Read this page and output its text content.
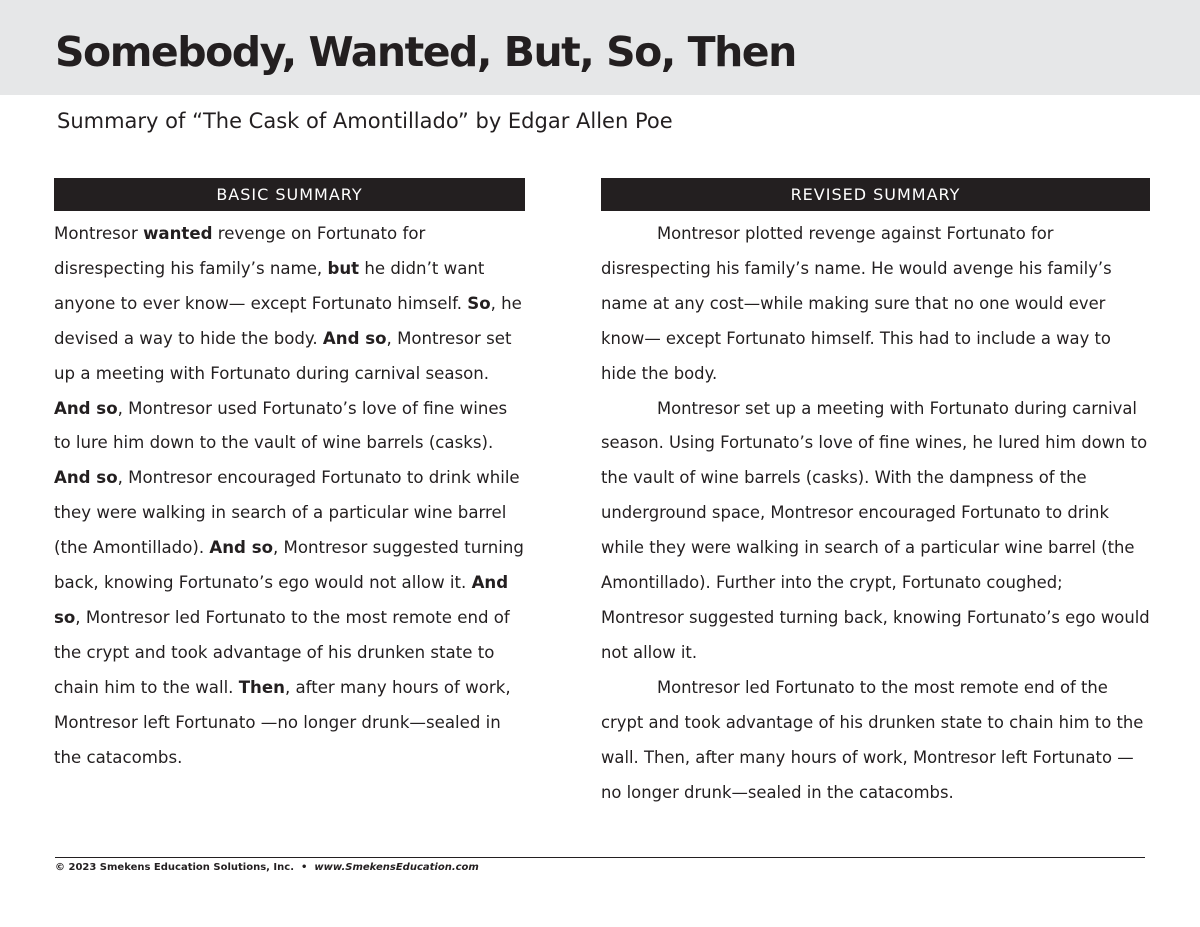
Somebody, Wanted, But, So, Then

Summary of “The Cask of Amontillado” by Edgar Allen Poe

BASIC SUMMARY
Montresor wanted revenge on Fortunato for disrespecting his family’s name, but he didn’t want anyone to ever know— except Fortunato himself. So, he devised a way to hide the body. And so, Montresor set up a meeting with Fortunato during carnival season. And so, Montresor used Fortunato’s love of fine wines to lure him down to the vault of wine barrels (casks). And so, Montresor encouraged Fortunato to drink while they were walking in search of a particular wine barrel (the Amontillado). And so, Montresor suggested turning back, knowing Fortunato’s ego would not allow it. And so, Montresor led Fortunato to the most remote end of the crypt and took advantage of his drunken state to chain him to the wall. Then, after many hours of work, Montresor left Fortunato —no longer drunk—sealed in the catacombs.
REVISED SUMMARY

Montresor plotted revenge against Fortunato for disrespecting his family’s name. He would avenge his family’s name at any cost—while making sure that no one would ever know— except Fortunato himself. This had to include a way to hide the body.

Montresor set up a meeting with Fortunato during carnival season. Using Fortunato’s love of fine wines, he lured him down to the vault of wine barrels (casks). With the dampness of the underground space, Montresor encouraged Fortunato to drink while they were walking in search of a particular wine barrel (the Amontillado). Further into the crypt, Fortunato coughed; Montresor suggested turning back, knowing Fortunato’s ego would not allow it.

Montresor led Fortunato to the most remote end of the crypt and took advantage of his drunken state to chain him to the wall. Then, after many hours of work, Montresor left Fortunato —no longer drunk—sealed in the catacombs.

© 2023 Smekens Education Solutions, Inc. • www.SmekensEducation.com
